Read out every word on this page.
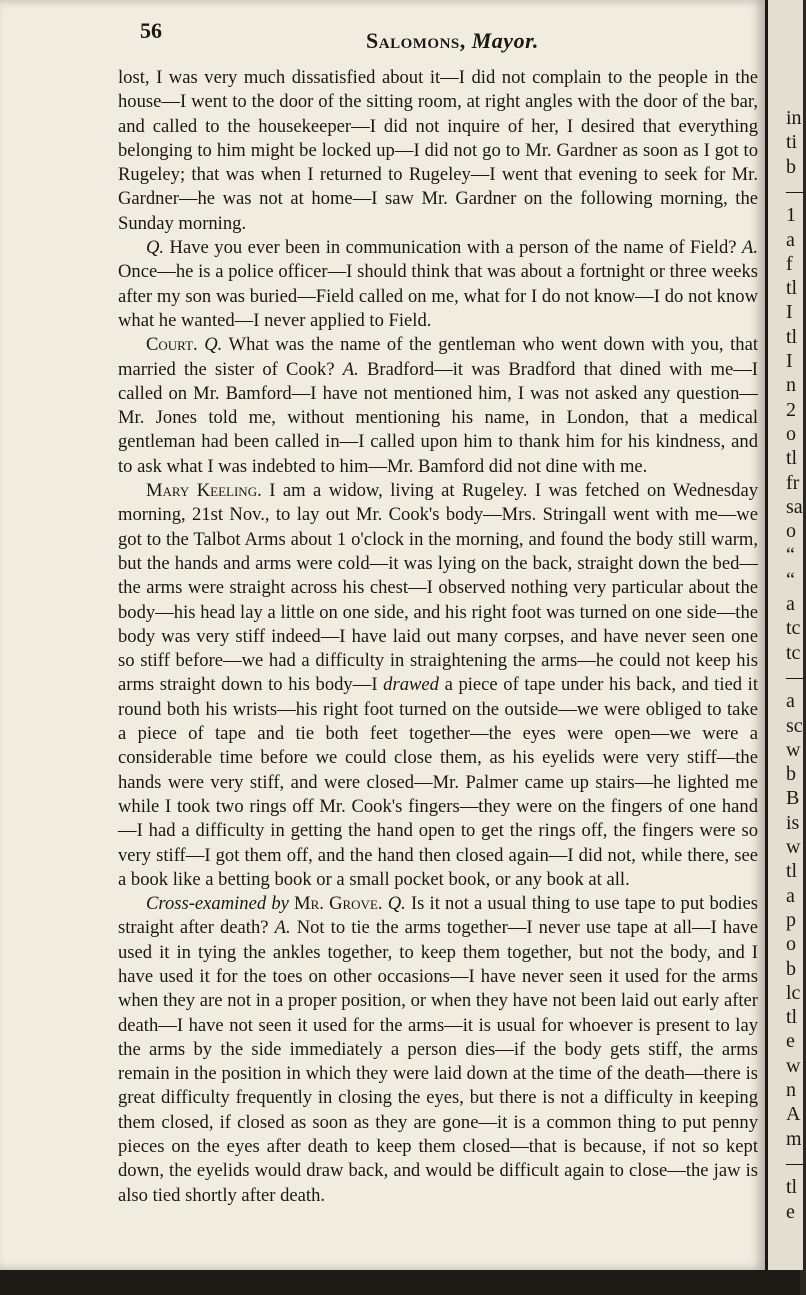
56	Salomons, Mayor.

lost, I was very much dissatisfied about it—I did not complain to the people in the house—I went to the door of the sitting room, at right angles with the door of the bar, and called to the housekeeper—I did not inquire of her, I desired that everything belonging to him might be locked up—I did not go to Mr. Gardner as soon as I got to Rugeley; that was when I returned to Rugeley—I went that evening to seek for Mr. Gardner—he was not at home—I saw Mr. Gardner on the following morning, the Sunday morning.

Q. Have you ever been in communication with a person of the name of Field? A. Once—he is a police officer—I should think that was about a fortnight or three weeks after my son was buried—Field called on me, what for I do not know—I do not know what he wanted—I never applied to Field.

Court. Q. What was the name of the gentleman who went down with you, that married the sister of Cook? A. Bradford—it was Bradford that dined with me—I called on Mr. Bamford—I have not mentioned him, I was not asked any question—Mr. Jones told me, without mentioning his name, in London, that a medical gentleman had been called in—I called upon him to thank him for his kindness, and to ask what I was indebted to him—Mr. Bamford did not dine with me.

Mary Keeling. I am a widow, living at Rugeley. I was fetched on Wednesday morning, 21st Nov., to lay out Mr. Cook's body—Mrs. Stringall went with me—we got to the Talbot Arms about 1 o'clock in the morning, and found the body still warm, but the hands and arms were cold—it was lying on the back, straight down the bed—the arms were straight across his chest—I observed nothing very particular about the body—his head lay a little on one side, and his right foot was turned on one side—the body was very stiff indeed—I have laid out many corpses, and have never seen one so stiff before—we had a difficulty in straightening the arms—he could not keep his arms straight down to his body—I drawed a piece of tape under his back, and tied it round both his wrists—his right foot turned on the outside—we were obliged to take a piece of tape and tie both feet together—the eyes were open—we were a considerable time before we could close them, as his eyelids were very stiff—the hands were very stiff, and were closed—Mr. Palmer came up stairs—he lighted me while I took two rings off Mr. Cook's fingers—they were on the fingers of one hand—I had a difficulty in getting the hand open to get the rings off, the fingers were so very stiff—I got them off, and the hand then closed again—I did not, while there, see a book like a betting book or a small pocket book, or any book at all.

Cross-examined by Mr. Grove. Q. Is it not a usual thing to use tape to put bodies straight after death? A. Not to tie the arms together—I never use tape at all—I have used it in tying the ankles together, to keep them together, but not the body, and I have used it for the toes on other occasions—I have never seen it used for the arms when they are not in a proper position, or when they have not been laid out early after death—I have not seen it used for the arms—it is usual for whoever is present to lay the arms by the side immediately a person dies—if the body gets stiff, the arms remain in the position in which they were laid down at the time of the death—there is great difficulty frequently in closing the eyes, but there is not a difficulty in keeping them closed, if closed as soon as they are gone—it is a common thing to put penny pieces on the eyes after death to keep them closed—that is because, if not so kept down, the eyelids would draw back, and would be difficult again to close—the jaw is also tied shortly after death.

in
ti
b
—
1
a
f
tl
I
tl
I
n
2
o
tl
fr
sa
o
“
“
a
tc
tc
—
a
sc
w
b
B
is
w
tl
a
p
o
b
lc
tl
e
w
n
A
m
—
tl
e
